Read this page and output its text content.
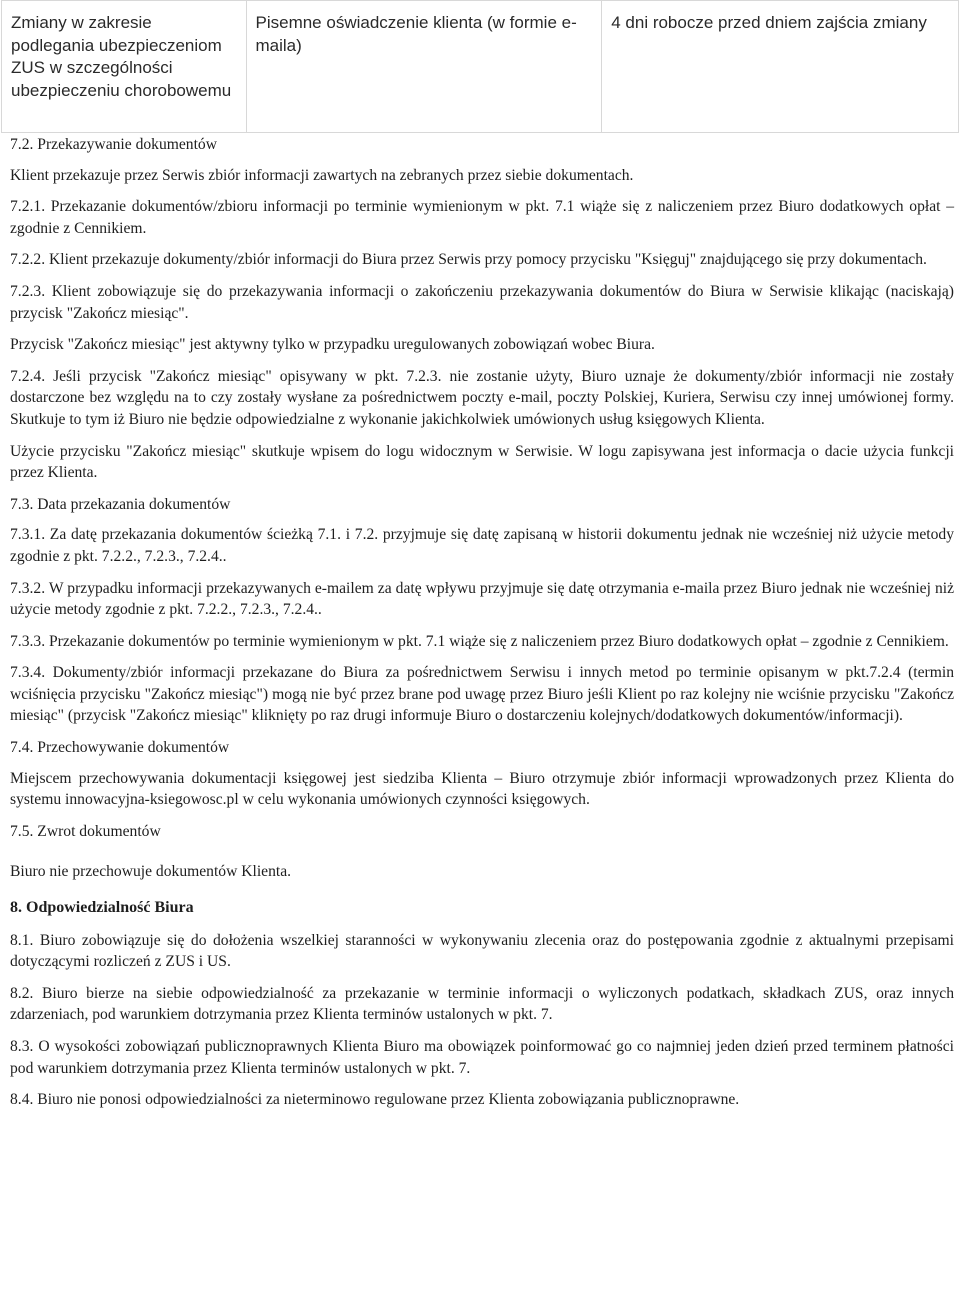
Zmiany w zakresie podlegania ubezpieczeniom ZUS w szczególności ubezpieczeniu chorobowemu	Pisemne oświadczenie klienta (w formie e-maila)	4 dni robocze przed dniem zajścia zmiany

7.2. Przekazywanie dokumentów

Klient przekazuje przez Serwis zbiór informacji zawartych na zebranych przez siebie dokumentach.

7.2.1. Przekazanie dokumentów/zbioru informacji po terminie wymienionym w pkt. 7.1 wiąże się z naliczeniem przez Biuro dodatkowych opłat – zgodnie z Cennikiem.

7.2.2. Klient przekazuje dokumenty/zbiór informacji do Biura przez Serwis przy pomocy przycisku "Księguj" znajdującego się przy dokumentach.

7.2.3. Klient zobowiązuje się do przekazywania informacji o zakończeniu przekazywania dokumentów do Biura w Serwisie klikając (naciskają) przycisk "Zakończ miesiąc".

Przycisk "Zakończ miesiąc" jest aktywny tylko w przypadku uregulowanych zobowiązań wobec Biura.

7.2.4. Jeśli przycisk "Zakończ miesiąc" opisywany w pkt. 7.2.3. nie zostanie użyty, Biuro uznaje że dokumenty/zbiór informacji nie zostały dostarczone bez względu na to czy zostały wysłane za pośrednictwem poczty e-mail, poczty Polskiej, Kuriera, Serwisu czy innej umówionej formy. Skutkuje to tym iż Biuro nie będzie odpowiedzialne z wykonanie jakichkolwiek umówionych usług księgowych Klienta.

Użycie przycisku "Zakończ miesiąc" skutkuje wpisem do logu widocznym w Serwisie. W logu zapisywana jest informacja o dacie użycia funkcji przez Klienta.

7.3. Data przekazania dokumentów

7.3.1. Za datę przekazania dokumentów ścieżką 7.1. i 7.2. przyjmuje się datę zapisaną w historii dokumentu jednak nie wcześniej niż użycie metody zgodnie z pkt. 7.2.2., 7.2.3., 7.2.4..

7.3.2. W przypadku informacji przekazywanych e-mailem za datę wpływu przyjmuje się datę otrzymania e-maila przez Biuro jednak nie wcześniej niż użycie metody zgodnie z pkt. 7.2.2., 7.2.3., 7.2.4..

7.3.3. Przekazanie dokumentów po terminie wymienionym w pkt. 7.1 wiąże się z naliczeniem przez Biuro dodatkowych opłat – zgodnie z Cennikiem.

7.3.4. Dokumenty/zbiór informacji przekazane do Biura za pośrednictwem Serwisu i innych metod po terminie opisanym w pkt.7.2.4 (termin wciśnięcia przycisku "Zakończ miesiąc") mogą nie być przez brane pod uwagę przez Biuro jeśli Klient po raz kolejny nie wciśnie przycisku "Zakończ miesiąc" (przycisk "Zakończ miesiąc" kliknięty po raz drugi informuje Biuro o dostarczeniu kolejnych/dodatkowych dokumentów/informacji).

7.4. Przechowywanie dokumentów

Miejscem przechowywania dokumentacji księgowej jest siedziba Klienta – Biuro otrzymuje zbiór informacji wprowadzonych przez Klienta do systemu innowacyjna-ksiegowosc.pl w celu wykonania umówionych czynności księgowych.

7.5. Zwrot dokumentów

Biuro nie przechowuje dokumentów Klienta.

8. Odpowiedzialność Biura

8.1. Biuro zobowiązuje się do dołożenia wszelkiej staranności w wykonywaniu zlecenia oraz do postępowania zgodnie z aktualnymi przepisami dotyczącymi rozliczeń z ZUS i US.

8.2. Biuro bierze na siebie odpowiedzialność za przekazanie w terminie informacji o wyliczonych podatkach, składkach ZUS, oraz innych zdarzeniach, pod warunkiem dotrzymania przez Klienta terminów ustalonych w pkt. 7.

8.3. O wysokości zobowiązań publicznoprawnych Klienta Biuro ma obowiązek poinformować go co najmniej jeden dzień przed terminem płatności pod warunkiem dotrzymania przez Klienta terminów ustalonych w pkt. 7.

8.4. Biuro nie ponosi odpowiedzialności za nieterminowo regulowane przez Klienta zobowiązania publicznoprawne.
